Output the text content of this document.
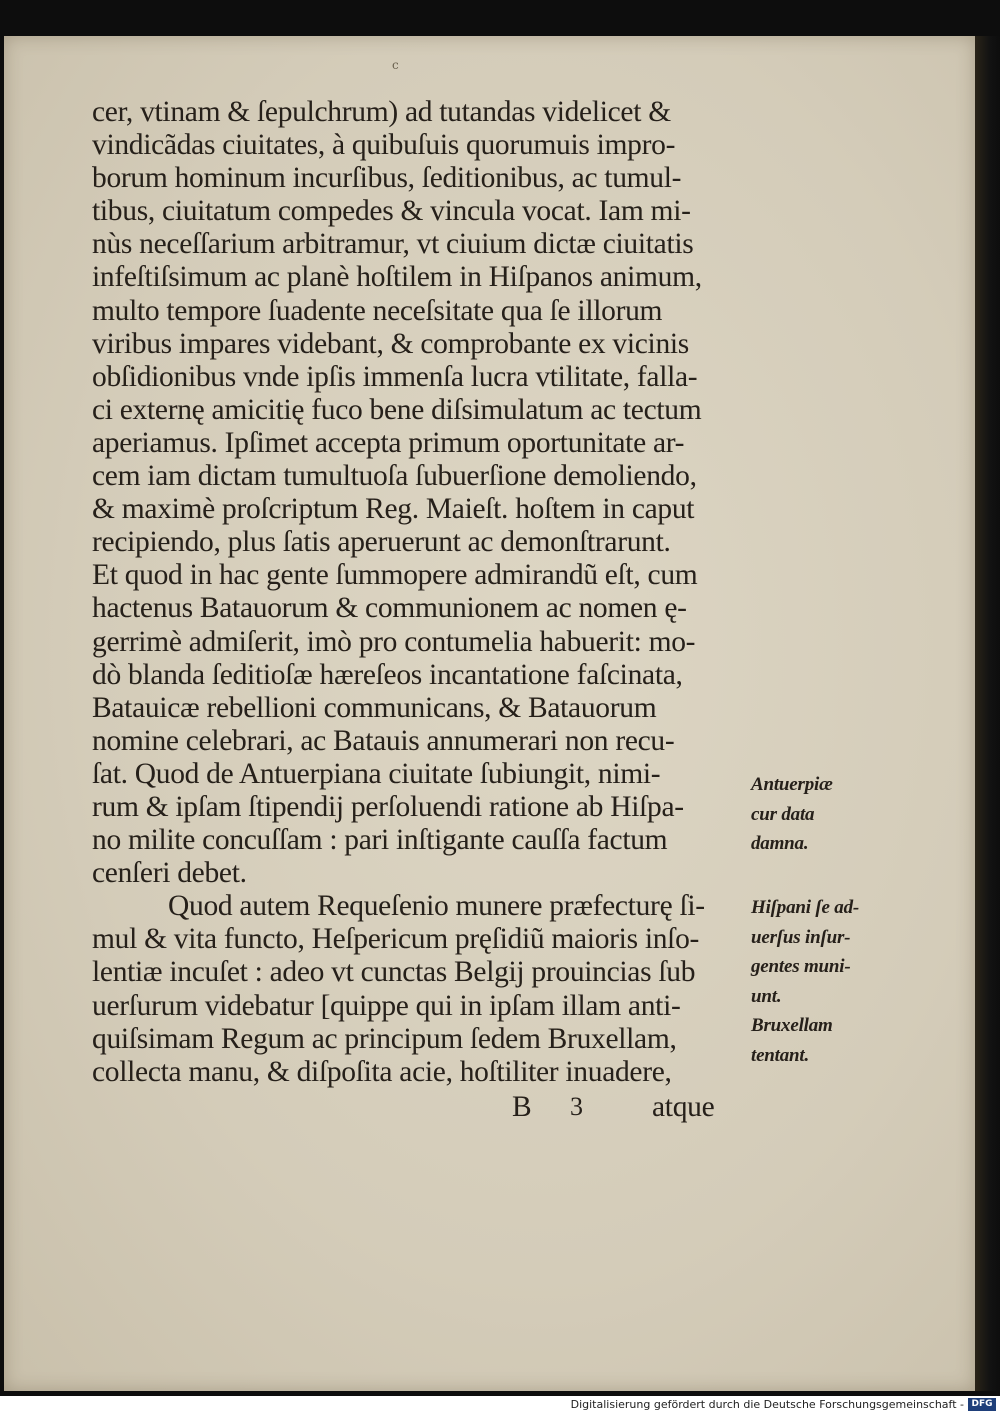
c
cer, vtinam & ſepulchrum) ad tutandas videlicet &
vindicãdas ciuitates, à quibuſuis quorumuis impro-
borum hominum incurſibus, ſeditionibus, ac tumul-
tibus, ciuitatum compedes & vincula vocat. Iam mi-
nùs neceſſarium arbitramur, vt ciuium dictæ ciuitatis
infeſtiſsimum ac planè hoſtilem in Hiſpanos animum,
multo tempore ſuadente neceſsitate qua ſe illorum
viribus impares videbant, & comprobante ex vicinis
obſidionibus vnde ipſis immenſa lucra vtilitate, falla-
ci externę amicitię fuco bene diſsimulatum ac tectum
aperiamus. Ipſimet accepta primum oportunitate ar-
cem iam dictam tumultuoſa ſubuerſione demoliendo,
& maximè proſcriptum Reg. Maieſt. hoſtem in caput
recipiendo, plus ſatis aperuerunt ac demonſtrarunt.
Et quod in hac gente ſummopere admirandũ eſt, cum
hactenus Batauorum & communionem ac nomen ę-
gerrimè admiſerit, imò pro contumelia habuerit: mo-
dò blanda ſeditioſæ hæreſeos incantatione faſcinata,
Batauicæ rebellioni communicans, & Batauorum
nomine celebrari, ac Batauis annumerari non recu-
ſat. Quod de Antuerpiana ciuitate ſubiungit, nimi-
rum & ipſam ſtipendij perſoluendi ratione ab Hiſpa-
no milite concuſſam : pari inſtigante cauſſa factum
cenſeri debet.
Quod autem Requeſenio munere præfecturę ſi-
mul & vita functo, Heſpericum pręſidiũ maioris inſo-
lentiæ incuſet : adeo vt cunctas Belgij prouincias ſub
uerſurum videbatur [quippe qui in ipſam illam anti-
quiſsimam Regum ac principum ſedem Bruxellam,
collecta manu, & diſpoſita acie, hoſtiliter inuadere,
B 3 atque
Antuerpiæ
cur data
damna.
Hiſpani ſe ad-
uerſus inſur-
gentes muni-
unt.
Bruxellam
tentant.
Digitalisierung gefördert durch die Deutsche Forschungsgemeinschaft - DFG
